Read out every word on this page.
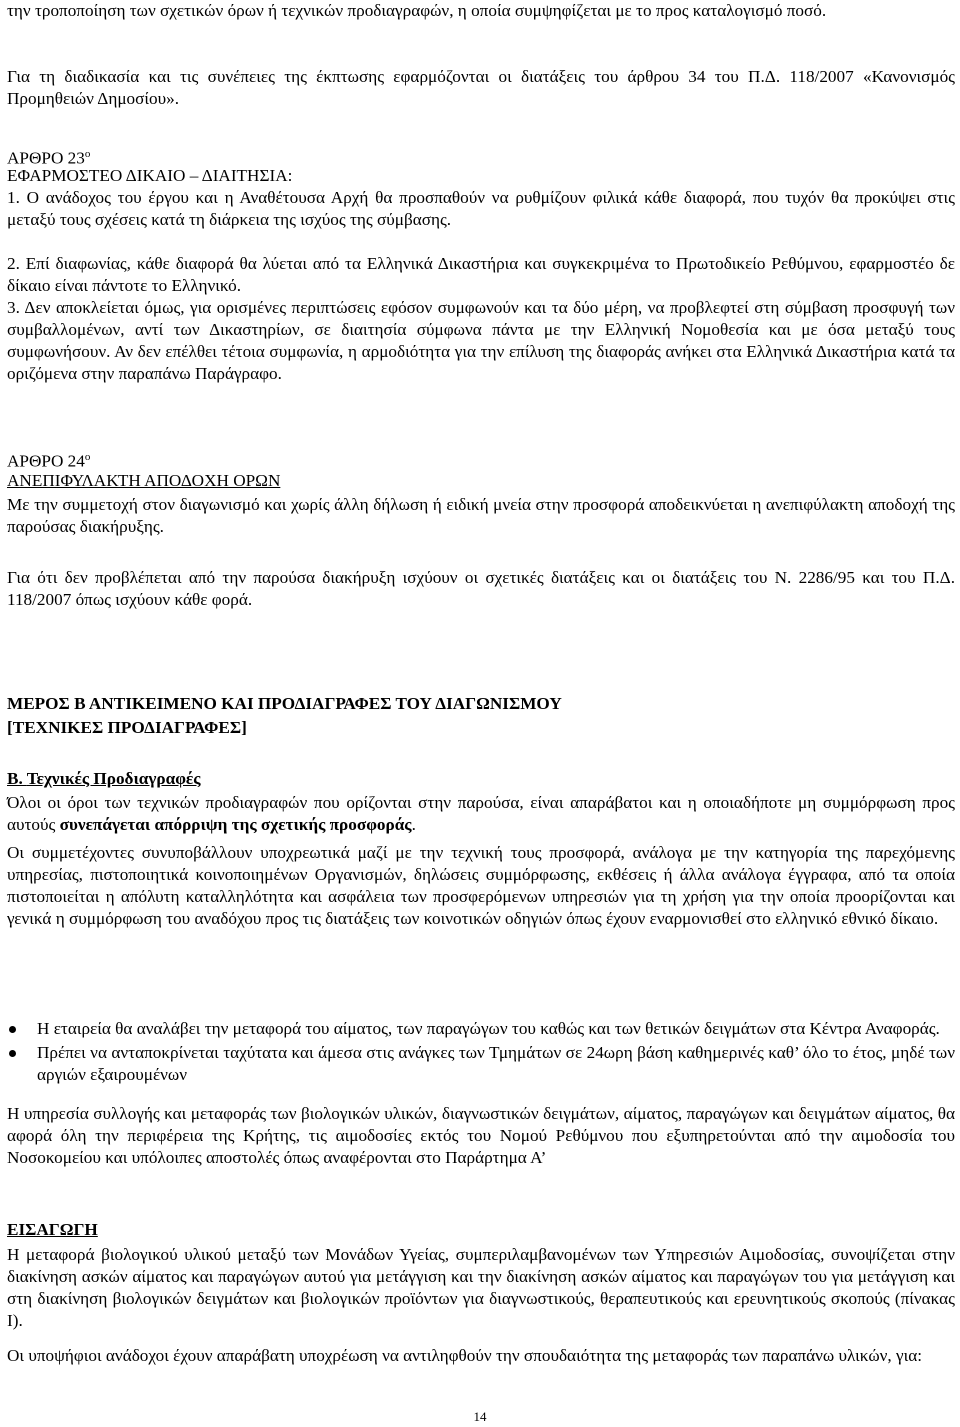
την τροποποίηση των σχετικών όρων ή τεχνικών προδιαγραφών, η οποία συμψηφίζεται με το προς καταλογισμό ποσό.

Για τη διαδικασία και τις συνέπειες της έκπτωσης εφαρμόζονται οι διατάξεις του άρθρου 34 του Π.Δ. 118/2007 «Κανονισμός Προμηθειών Δημοσίου».

ΑΡΘΡΟ $23^o$
ΕΦΑΡΜΟΣΤΕΟ ΔΙΚΑΙΟ – ΔΙΑΙΤΗΣΙΑ:

1. Ο ανάδοχος του έργου και η Αναθέτουσα Αρχή θα προσπαθούν να ρυθμίζουν φιλικά κάθε διαφορά, που τυχόν θα προκύψει στις μεταξύ τους σχέσεις κατά τη διάρκεια της ισχύος της σύμβασης.

2. Επί διαφωνίας, κάθε διαφορά θα λύεται από τα Ελληνικά Δικαστήρια και συγκεκριμένα το Πρωτοδικείο Ρεθύμνου, εφαρμοστέο δε δίκαιο είναι πάντοτε το Ελληνικό.

3. Δεν αποκλείεται όμως, για ορισμένες περιπτώσεις εφόσον συμφωνούν και τα δύο μέρη, να προβλεφτεί στη σύμβαση προσφυγή των συμβαλλομένων, αντί των Δικαστηρίων, σε διαιτησία σύμφωνα πάντα με την Ελληνική Νομοθεσία και με όσα μεταξύ τους συμφωνήσουν. Αν δεν επέλθει τέτοια συμφωνία, η αρμοδιότητα για την επίλυση της διαφοράς ανήκει στα Ελληνικά Δικαστήρια κατά τα οριζόμενα στην παραπάνω Παράγραφο.

ΑΡΘΡΟ $24^o$
ΑΝΕΠΙΦΥΛΑΚΤΗ ΑΠΟΔΟΧΗ ΟΡΩΝ

Με την συμμετοχή στον διαγωνισμό και χωρίς άλλη δήλωση ή ειδική μνεία στην προσφορά αποδεικνύεται η ανεπιφύλακτη αποδοχή της παρούσας διακήρυξης.

Για ότι δεν προβλέπεται από την παρούσα διακήρυξη ισχύουν οι σχετικές διατάξεις και οι διατάξεις του Ν. 2286/95 και του Π.Δ. 118/2007 όπως ισχύουν κάθε φορά.

ΜΕΡΟΣ Β ΑΝΤΙΚΕΙΜΕΝΟ ΚΑΙ ΠΡΟΔΙΑΓΡΑΦΕΣ ΤΟΥ ΔΙΑΓΩΝΙΣΜΟΥ
[ΤΕΧΝΙΚΕΣ ΠΡΟΔΙΑΓΡΑΦΕΣ]
Β. Τεχνικές Προδιαγραφές

Όλοι οι όροι των τεχνικών προδιαγραφών που ορίζονται στην παρούσα, είναι απαράβατοι και η οποιαδήποτε μη συμμόρφωση προς αυτούς συνεπάγεται απόρριψη της σχετικής προσφοράς.

Οι συμμετέχοντες συνυποβάλλουν υποχρεωτικά μαζί με την τεχνική τους προσφορά, ανάλογα με την κατηγορία της παρεχόμενης υπηρεσίας, πιστοποιητικά κοινοποιημένων Οργανισμών, δηλώσεις συμμόρφωσης, εκθέσεις ή άλλα ανάλογα έγγραφα, από τα οποία πιστοποιείται η απόλυτη καταλληλότητα και ασφάλεια των προσφερόμενων υπηρεσιών για τη χρήση για την οποία προορίζονται και γενικά η συμμόρφωση του αναδόχου προς τις διατάξεις των κοινοτικών οδηγιών όπως έχουν εναρμονισθεί στο ελληνικό εθνικό δίκαιο.

Η εταιρεία θα αναλάβει την μεταφορά του αίματος, των παραγώγων του καθώς και των θετικών δειγμάτων στα Κέντρα Αναφοράς.
Πρέπει να ανταποκρίνεται ταχύτατα και άμεσα στις ανάγκες των Τμημάτων σε 24ωρη βάση καθημερινές καθ’ όλο το έτος, μηδέ των αργιών εξαιρουμένων

Η υπηρεσία συλλογής και μεταφοράς των βιολογικών υλικών, διαγνωστικών δειγμάτων, αίματος, παραγώγων και δειγμάτων αίματος, θα αφορά όλη την περιφέρεια της Κρήτης, τις αιμοδοσίες εκτός του Νομού Ρεθύμνου που εξυπηρετούνται από την αιμοδοσία του Νοσοκομείου και υπόλοιπες αποστολές όπως αναφέρονται στο Παράρτημα Α’

ΕΙΣΑΓΩΓΗ

Η μεταφορά βιολογικού υλικού μεταξύ των Μονάδων Υγείας, συμπεριλαμβανομένων των Υπηρεσιών Αιμοδοσίας, συνοψίζεται στην διακίνηση ασκών αίματος και παραγώγων αυτού για μετάγγιση και την διακίνηση ασκών αίματος και παραγώγων του για μετάγγιση και στη διακίνηση βιολογικών δειγμάτων και βιολογικών προϊόντων για διαγνωστικούς, θεραπευτικούς και ερευνητικούς σκοπούς (πίνακας Ι).

Οι υποψήφιοι ανάδοχοι έχουν απαράβατη υποχρέωση να αντιληφθούν την σπουδαιότητα της μεταφοράς των παραπάνω υλικών, για:

14
